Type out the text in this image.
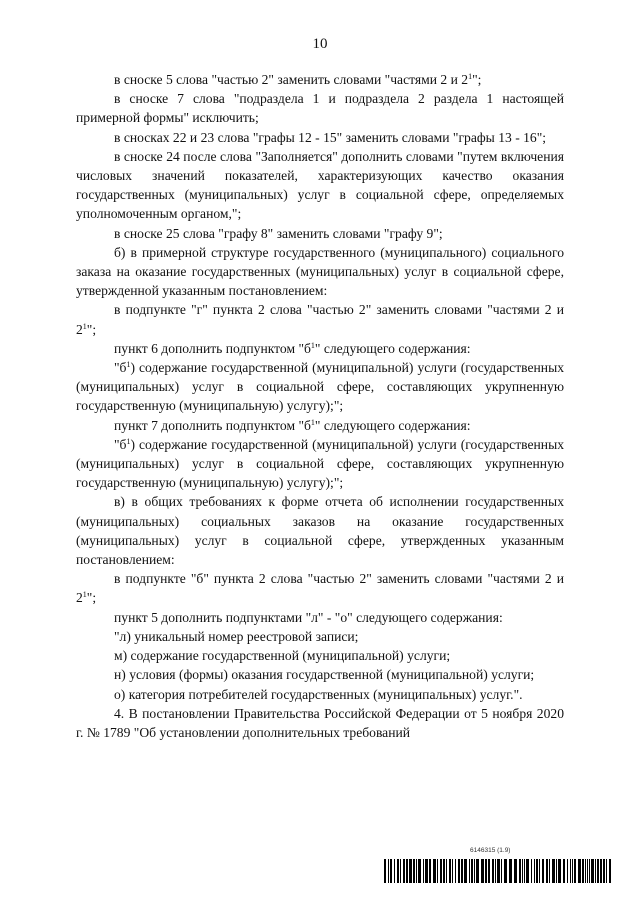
10

в сноске 5 слова "частью 2" заменить словами "частями 2 и $2^1$";

в сноске 7 слова "подраздела 1 и подраздела 2 раздела 1 настоящей примерной формы" исключить;

в сносках 22 и 23 слова "графы 12 - 15" заменить словами "графы 13 - 16";

в сноске 24 после слова "Заполняется" дополнить словами "путем включения числовых значений показателей, характеризующих качество оказания государственных (муниципальных) услуг в социальной сфере, определяемых уполномоченным органом,";

в сноске 25 слова "графу 8" заменить словами "графу 9";

б) в примерной структуре государственного (муниципального) социального заказа на оказание государственных (муниципальных) услуг в социальной сфере, утвержденной указанным постановлением:

в подпункте "г" пункта 2 слова "частью 2" заменить словами "частями 2 и $2^1$";

пункт 6 дополнить подпунктом "$б^1$" следующего содержания:

"$б^1$) содержание государственной (муниципальной) услуги (государственных (муниципальных) услуг в социальной сфере, составляющих укрупненную государственную (муниципальную) услугу);";

пункт 7 дополнить подпунктом "$б^1$" следующего содержания:

"$б^1$) содержание государственной (муниципальной) услуги (государственных (муниципальных) услуг в социальной сфере, составляющих укрупненную государственную (муниципальную) услугу);";

в) в общих требованиях к форме отчета об исполнении государственных (муниципальных) социальных заказов на оказание государственных (муниципальных) услуг в социальной сфере, утвержденных указанным постановлением:

в подпункте "б" пункта 2 слова "частью 2" заменить словами "частями 2 и $2^1$";

пункт 5 дополнить подпунктами "л" - "о" следующего содержания:

"л) уникальный номер реестровой записи;

м) содержание государственной (муниципальной) услуги;

н) условия (формы) оказания государственной (муниципальной) услуги;

о) категория потребителей государственных (муниципальных) услуг.".

4. В постановлении Правительства Российской Федерации от 5 ноября 2020 г. № 1789 "Об установлении дополнительных требований

6146315 (1.9)
